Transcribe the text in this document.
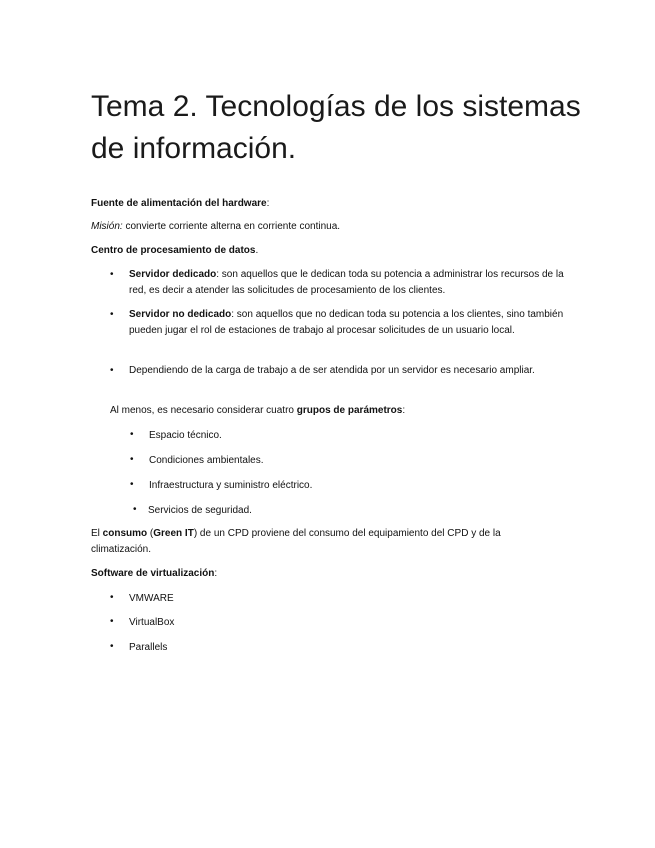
Tema 2. Tecnologías de los sistemas de información.

Fuente de alimentación del hardware:

Misión: convierte corriente alterna en corriente continua.

Centro de procesamiento de datos.

• Servidor dedicado: son aquellos que le dedican toda su potencia a administrar los recursos de la red, es decir a atender las solicitudes de procesamiento de los clientes.
• Servidor no dedicado: son aquellos que no dedican toda su potencia a los clientes, sino también pueden jugar el rol de estaciones de trabajo al procesar solicitudes de un usuario local.
• Dependiendo de la carga de trabajo a de ser atendida por un servidor es necesario ampliar.

Al menos, es necesario considerar cuatro grupos de parámetros:

• Espacio técnico.
• Condiciones ambientales.
• Infraestructura y suministro eléctrico.
• Servicios de seguridad.

El consumo (Green IT) de un CPD proviene del consumo del equipamiento del CPD y de la climatización.

Software de virtualización:

• VMWARE
• VirtualBox
• Parallels
